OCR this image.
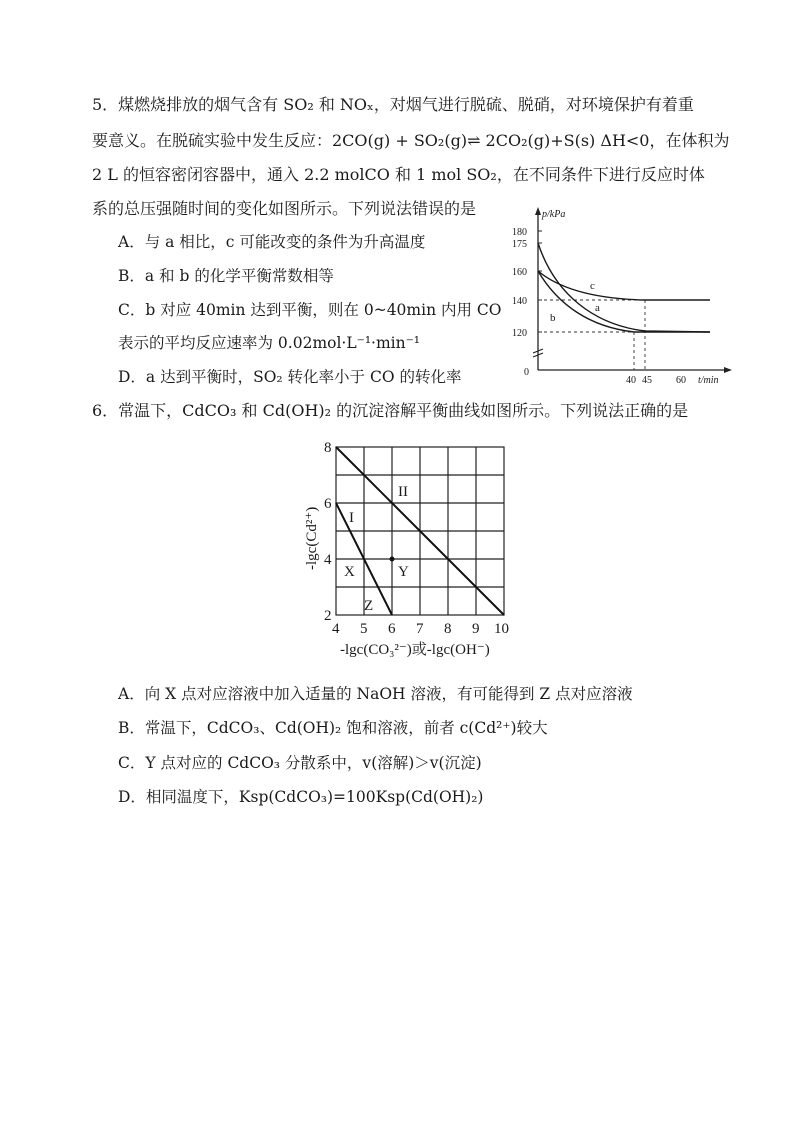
5．煤燃烧排放的烟气含有 SO₂ 和 NOₓ，对烟气进行脱硫、脱硝，对环境保护有着重
要意义。在脱硫实验中发生反应：2CO(g) + SO₂(g)⇌ 2CO₂(g)+S(s) ΔH<0，在体积为
2 L 的恒容密闭容器中，通入 2.2 molCO 和 1 mol SO₂，在不同条件下进行反应时体
系的总压强随时间的变化如图所示。下列说法错误的是
A．与 a 相比，c 可能改变的条件为升高温度
B．a 和 b 的化学平衡常数相等
C．b 对应 40min 达到平衡，则在 0~40min 内用 CO
表示的平均反应速率为 0.02mol·L⁻¹·min⁻¹
D．a 达到平衡时，SO₂ 转化率小于 CO 的转化率
p/kPa
180
175
160
140
120
0
40 45 60 t/min
c
a
b
6．常温下，CdCO₃ 和 Cd(OH)₂ 的沉淀溶解平衡曲线如图所示。下列说法正确的是
II
I
X	Y
Z
8
6
4
2
4 5 6 7 8 9 10
-lgc(Cd²⁺)
-lgc(CO₃²⁻)或-lgc(OH⁻)
A．向 X 点对应溶液中加入适量的 NaOH 溶液，有可能得到 Z 点对应溶液
B．常温下，CdCO₃、Cd(OH)₂ 饱和溶液，前者 c(Cd²⁺)较大
C．Y 点对应的 CdCO₃ 分散系中，v(溶解)＞v(沉淀)
D．相同温度下，Ksp(CdCO₃)=100Ksp(Cd(OH)₂)
